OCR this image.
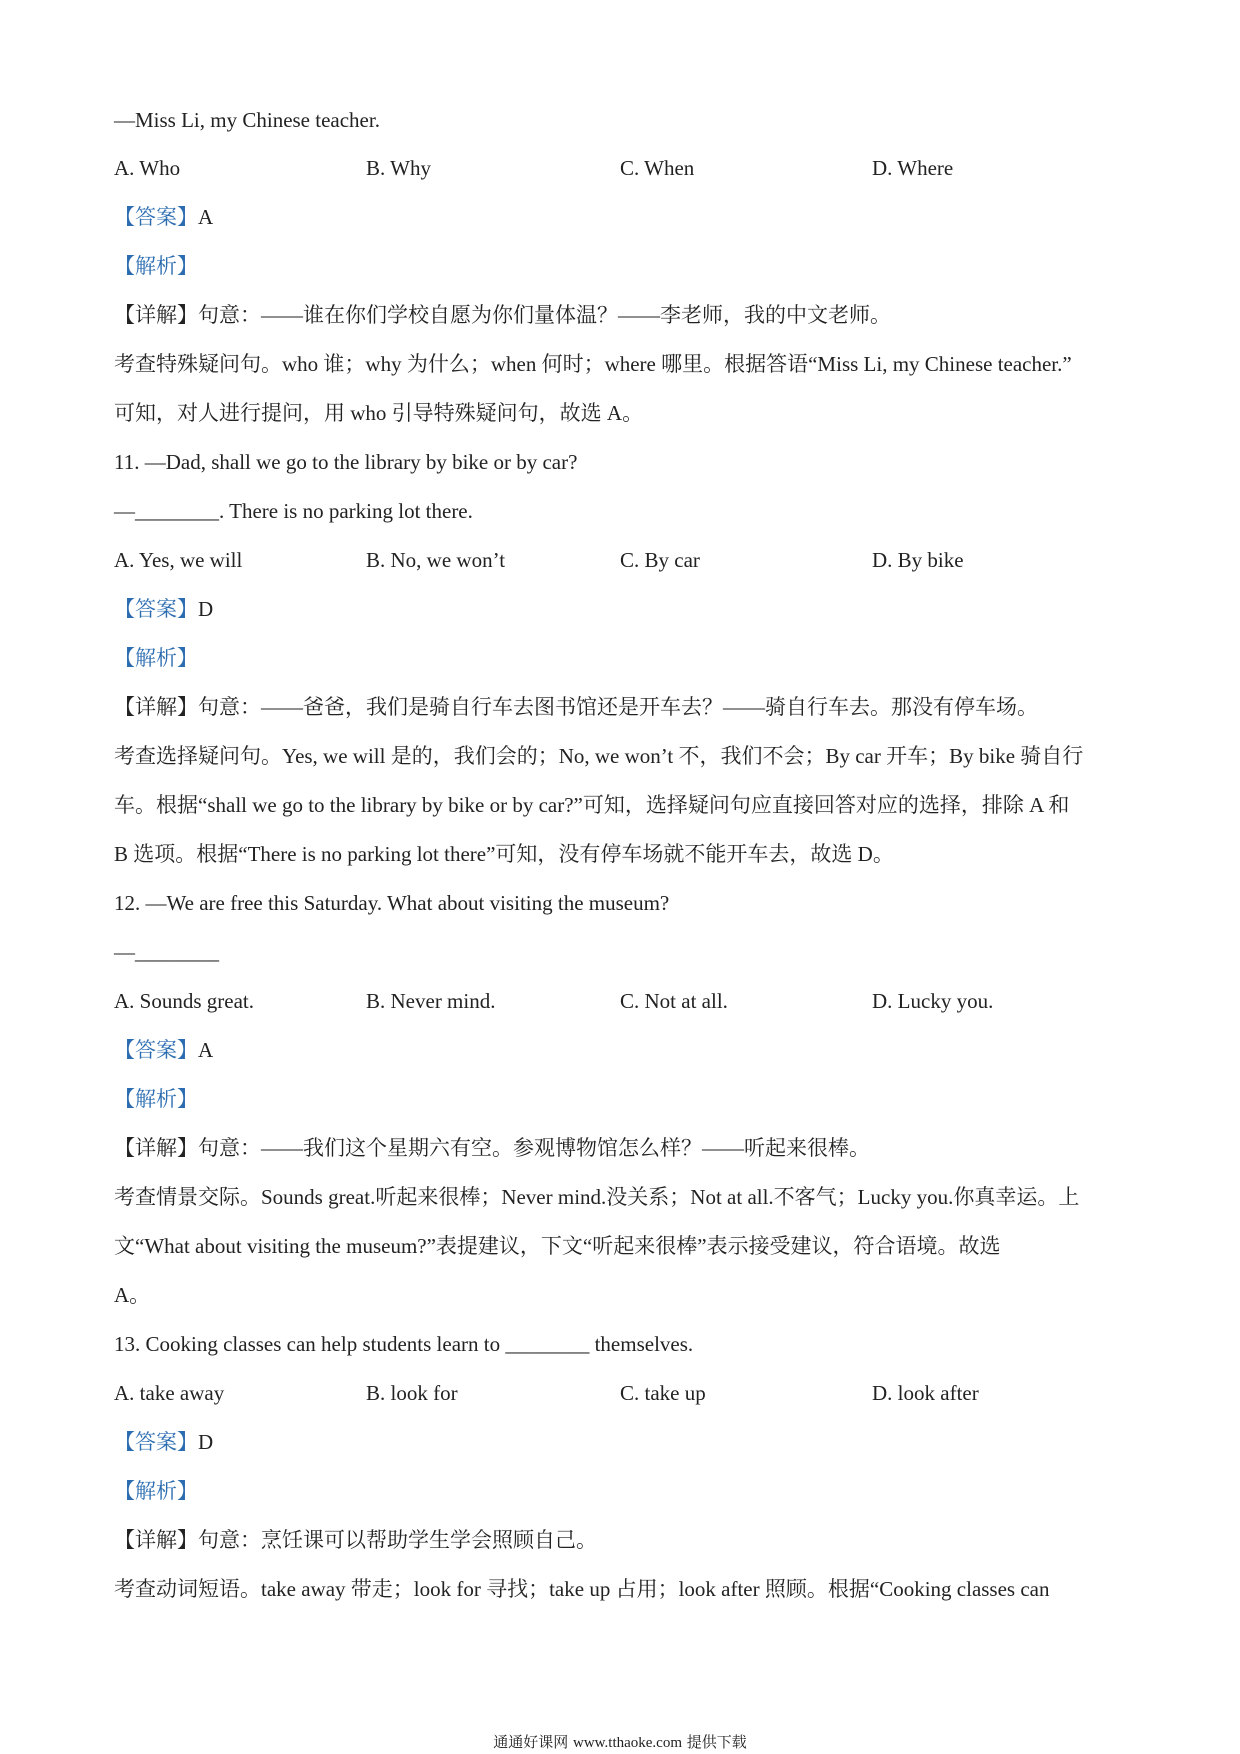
—Miss Li, my Chinese teacher.
A. Who	B. Why	C. When	D. Where
【答案】A
【解析】
【详解】句意：——谁在你们学校自愿为你们量体温？——李老师，我的中文老师。
考查特殊疑问句。who 谁；why 为什么；when 何时；where 哪里。根据答语“Miss Li, my Chinese teacher.”
可知，对人进行提问，用 who 引导特殊疑问句，故选 A。
11. —Dad, shall we go to the library by bike or by car?
—________. There is no parking lot there.
A. Yes, we will	B. No, we won’t	C. By car	D. By bike
【答案】D
【解析】
【详解】句意：——爸爸，我们是骑自行车去图书馆还是开车去？——骑自行车去。那没有停车场。
考查选择疑问句。Yes, we will 是的，我们会的；No, we won’t 不，我们不会；By car 开车；By bike 骑自行
车。根据“shall we go to the library by bike or by car?”可知，选择疑问句应直接回答对应的选择，排除 A 和
B 选项。根据“There is no parking lot there”可知，没有停车场就不能开车去，故选 D。
12. —We are free this Saturday. What about visiting the museum?
—________
A. Sounds great.	B. Never mind.	C. Not at all.	D. Lucky you.
【答案】A
【解析】
【详解】句意：——我们这个星期六有空。参观博物馆怎么样？——听起来很棒。
考查情景交际。Sounds great.听起来很棒；Never mind.没关系；Not at all.不客气；Lucky you.你真幸运。上
文“What about visiting the museum?”表提建议，下文“听起来很棒”表示接受建议，符合语境。故选
A。
13. Cooking classes can help students learn to ________ themselves.
A. take away	B. look for	C. take up	D. look after
【答案】D
【解析】
【详解】句意：烹饪课可以帮助学生学会照顾自己。
考查动词短语。take away 带走；look for 寻找；take up 占用；look after 照顾。根据“Cooking classes can
通通好课网 www.tthaoke.com 提供下载
